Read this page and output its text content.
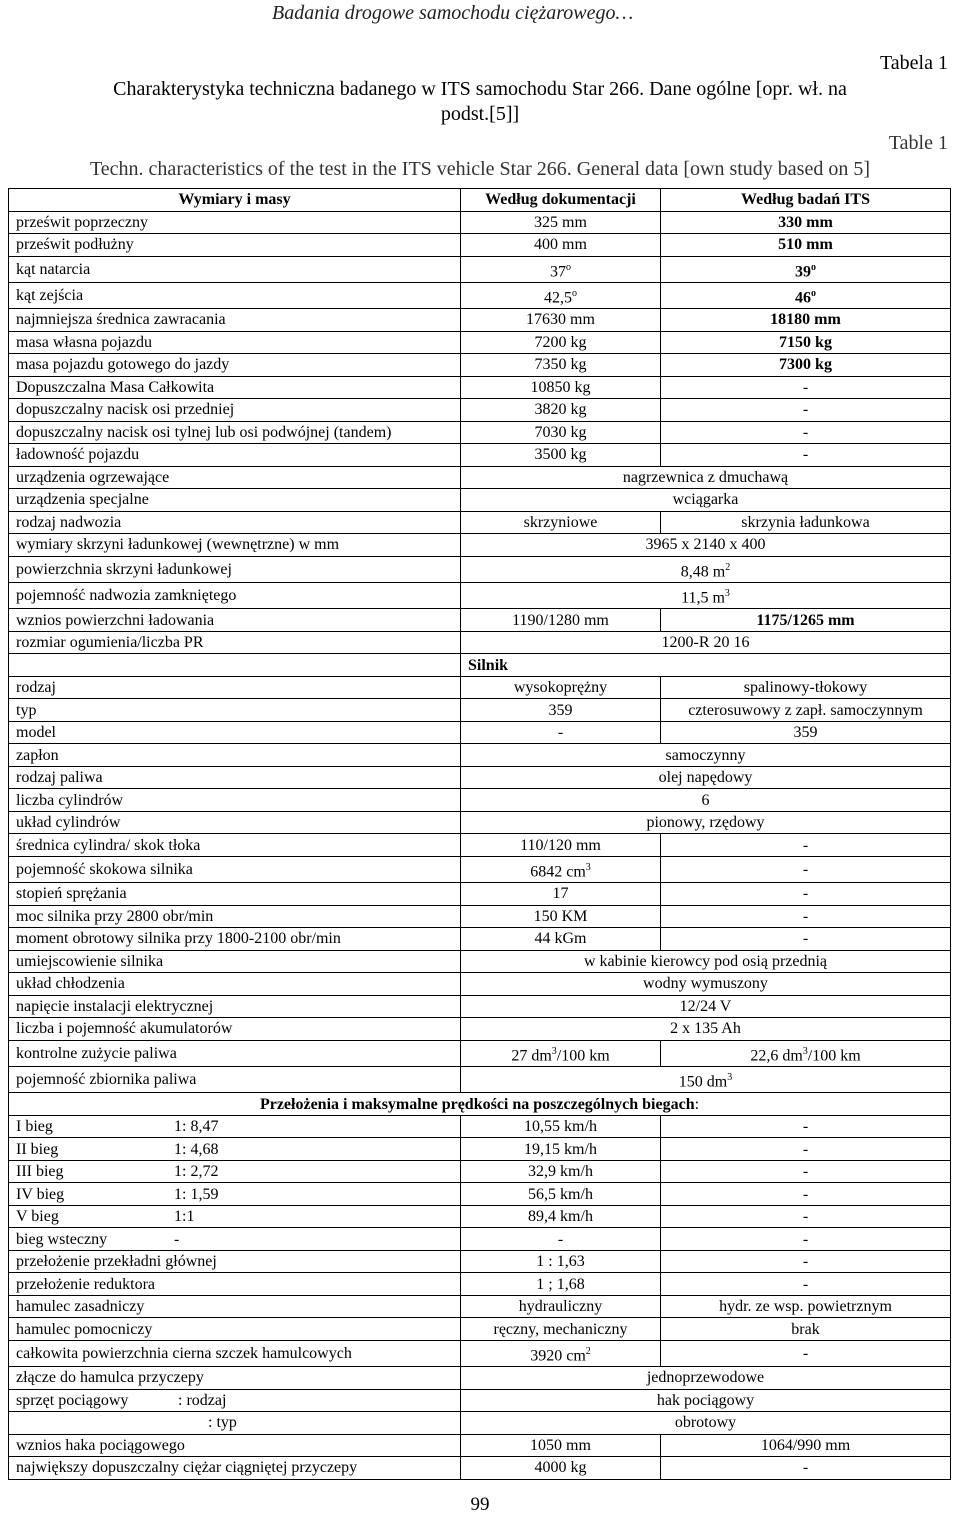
Badania drogowe samochodu ciężarowego…
Tabela 1
Charakterystyka techniczna badanego w ITS samochodu Star 266. Dane ogólne [opr. wł. na
podst.[5]]
Table 1
Techn. characteristics of the test in the ITS vehicle Star 266. General data [own study based on 5]
Wymiary i masy	Według dokumentacji	Według badań ITS
prześwit poprzeczny	325 mm	330 mm
prześwit podłużny	400 mm	510 mm
kąt natarcia	37$^o$	39$^o$
kąt zejścia	42,5$^o$	46$^o$
najmniejsza średnica zawracania	17630 mm	18180 mm
masa własna pojazdu	7200 kg	7150 kg
masa pojazdu gotowego do jazdy	7350 kg	7300 kg
Dopuszczalna Masa Całkowita	10850 kg	-
dopuszczalny nacisk osi przedniej	3820 kg	-
dopuszczalny nacisk osi tylnej lub osi podwójnej (tandem)	7030 kg	-
ładowność pojazdu	3500 kg	-
urządzenia ogrzewające	nagrzewnica z dmuchawą	
urządzenia specjalne	wciągarka	
rodzaj nadwozia	skrzyniowe	skrzynia ładunkowa
wymiary skrzyni ładunkowej (wewnętrzne) w mm	3965 x 2140 x 400	
powierzchnia skrzyni ładunkowej	8,48 $m^2$
pojemność nadwozia zamkniętego	11,5 $m^3$
wznios powierzchni ładowania	1190/1280 mm	1175/1265 mm
rozmiar ogumienia/liczba PR	1200-R 20 16	
	Silnik	
rodzaj	wysokoprężny	spalinowy-tłokowy
typ	359	czterosuwowy z zapł. samoczynnym
model	-	359
zapłon	samoczynny	
rodzaj paliwa	olej napędowy	
liczba cylindrów	6	
układ cylindrów	pionowy, rzędowy	
średnica cylindra/ skok tłoka	110/120 mm	-
pojemność skokowa silnika	6842 $cm^3$	-
stopień sprężania	17	-
moc silnika przy 2800 obr/min	150 KM	-
moment obrotowy silnika przy 1800-2100 obr/min	44 kGm	-
umiejscowienie silnika	w kabinie kierowcy pod osią przednią	
układ chłodzenia	wodny wymuszony	
napięcie instalacji elektrycznej	12/24 V	
liczba i pojemność akumulatorów	2 x 135 Ah	
kontrolne zużycie paliwa	27 $dm^3/100$ km	22,6 $dm^3/100$ km
pojemność zbiornika paliwa	150 $dm^3$
Przełożenia i maksymalne prędkości na poszczególnych biegach:		
I bieg 1: 8,47	10,55 km/h	-
II bieg 1: 4,68	19,15 km/h	-
III bieg 1: 2,72	32,9 km/h	-
IV bieg 1: 1,59	56,5 km/h	-
V bieg 1:1	89,4 km/h	-
bieg wsteczny -	-	-
przełożenie przekładni głównej	1 : 1,63	-
przełożenie reduktora	1 ; 1,68	-
hamulec zasadniczy	hydrauliczny	hydr. ze wsp. powietrznym
hamulec pomocniczy	ręczny, mechaniczny	brak
całkowita powierzchnia cierna szczek hamulcowych	3920 $cm^2$	-
złącze do hamulca przyczepy	jednoprzewodowe	
sprzęt pociągowy : rodzaj	hak pociągowy	
: typ	obrotowy	
wznios haka pociągowego	1050 mm	1064/990 mm
największy dopuszczalny ciężar ciągniętej przyczepy	4000 kg	-
99
